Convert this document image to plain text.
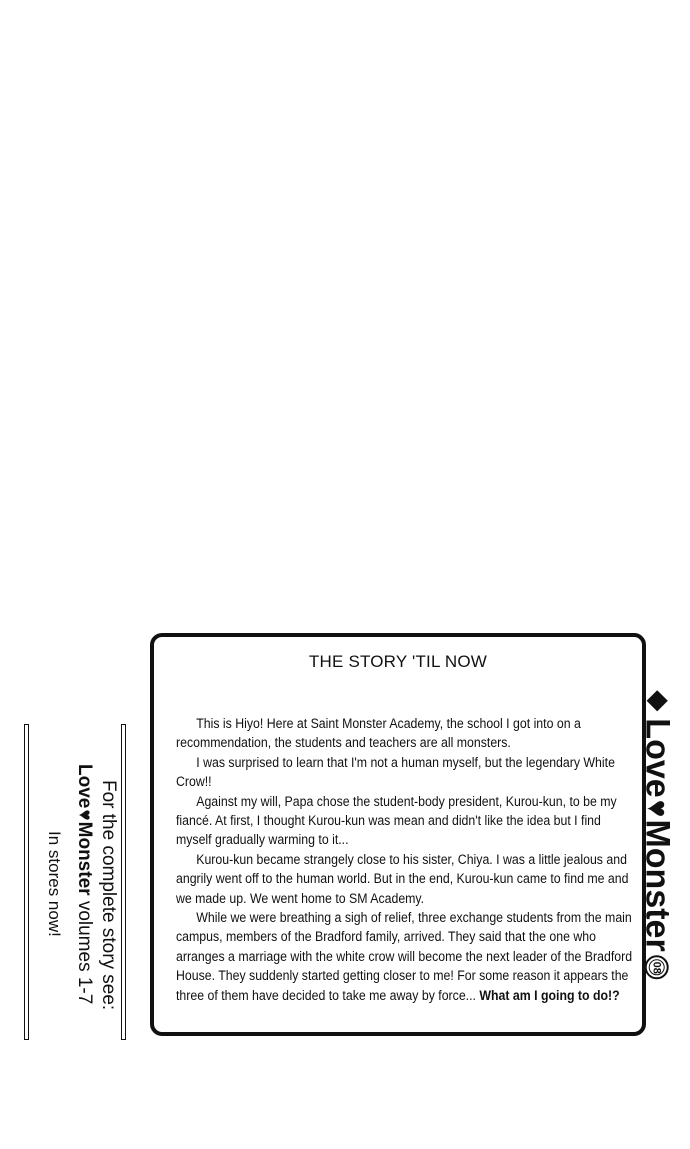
THE STORY 'TIL NOW

This is Hiyo! Here at Saint Monster Academy, the school I got into on a recommendation, the students and teachers are all monsters.

I was surprised to learn that I'm not a human myself, but the legendary White Crow!!

Against my will, Papa chose the student-body president, Kurou-kun, to be my fiancé. At first, I thought Kurou-kun was mean and didn't like the idea but I find myself gradually warming to it...

Kurou-kun became strangely close to his sister, Chiya. I was a little jealous and angrily went off to the human world. But in the end, Kurou-kun came to find me and we made up. We went home to SM Academy.

While we were breathing a sigh of relief, three exchange students from the main campus, members of the Bradford family, arrived. They said that the one who arranges a marriage with the white crow will become the next leader of the Bradford House. They suddenly started getting closer to me! For some reason it appears the three of them have decided to take me away by force... What am I going to do!?

Love
♥
Monster
08
For the complete story see:
Love
♥
Monster

volumes 1-7
In stores now!
